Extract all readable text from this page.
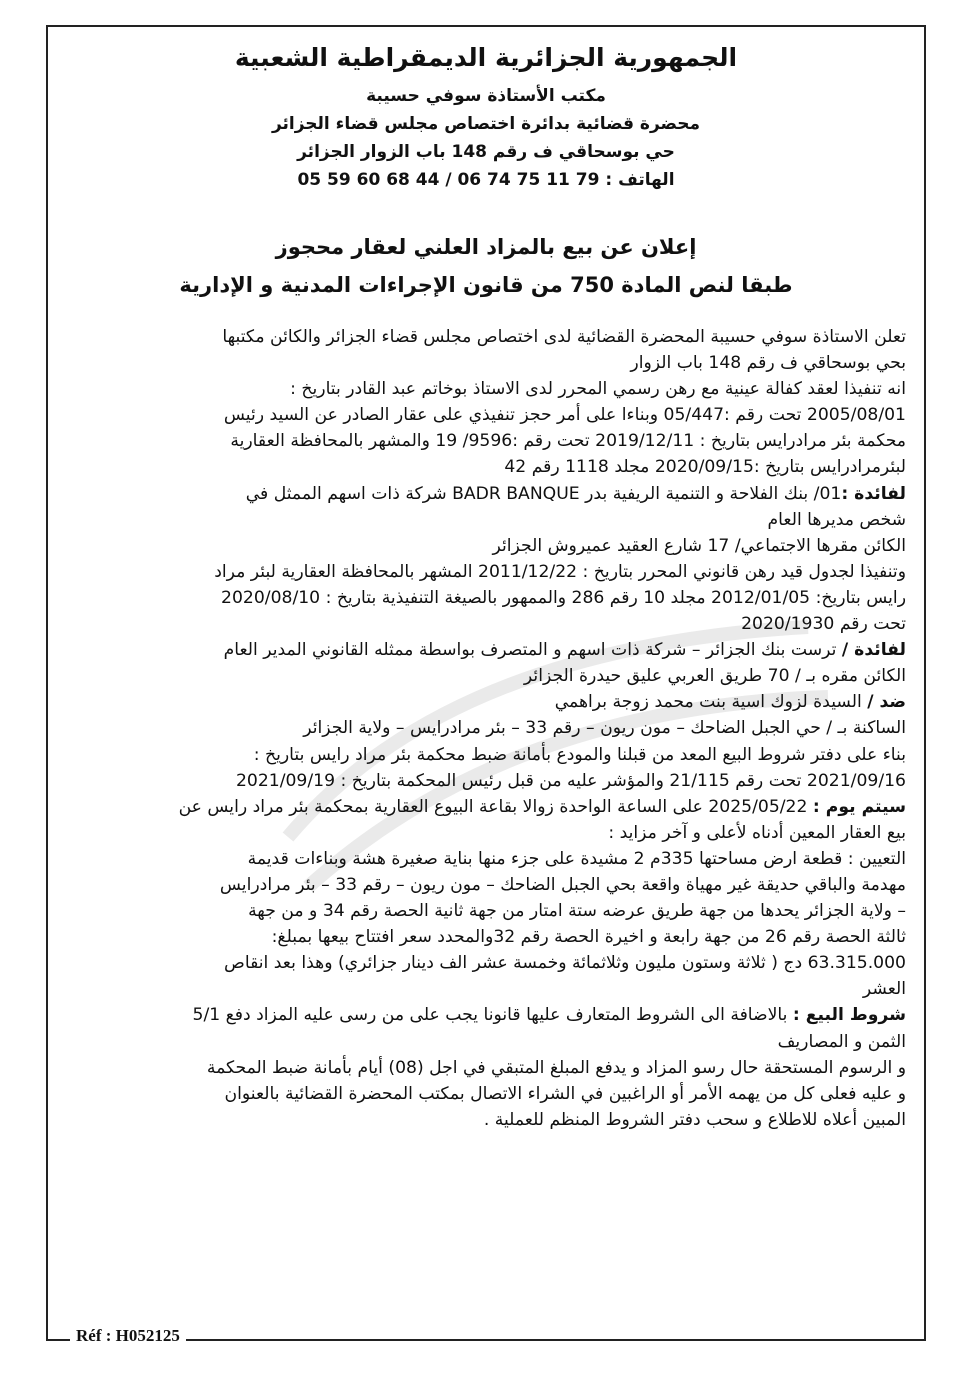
الجمهورية الجزائرية الديمقراطية الشعبية
مكتب الأستاذة سوفي حسيبة
محضرة قضائية بدائرة اختصاص مجلس قضاء الجزائر
حي بوسحاقي ف رقم 148 باب الزوار الجزائر
الهاتف : 05 59 60 68 44 / 06 74 75 11 79
إعلان عن بيع بالمزاد العلني لعقار محجوز
طبقا لنص المادة 750 من قانون الإجراءات المدنية و الإدارية
تعلن الاستاذة سوفي حسيبة المحضرة القضائية لدى اختصاص مجلس قضاء الجزائر والكائن مكتبها
بحي بوسحاقي ف رقم 148 باب الزوار
انه تنفيذا لعقد كفالة عينية مع رهن رسمي المحرر لدى الاستاذ بوخاتم عبد القادر بتاريخ :
2005/08/01 تحت رقم :05/447 وبناءا على أمر حجز تنفيذي على عقار الصادر عن السيد رئيس
محكمة بئر مرادرايس بتاريخ : 2019/12/11 تحت رقم :9596/ 19 والمشهر بالمحافظة العقارية
لبئرمرادرايس بتاريخ :2020/09/15 مجلد 1118 رقم 42
لفائدة :01/ بنك الفلاحة و التنمية الريفية بدر BADR BANQUE شركة ذات اسهم الممثل في
شخص مديرها العام
الكائن مقرها الاجتماعي/ 17 شارع العقيد عميروش الجزائر
وتنفيذا لجدول قيد رهن قانوني المحرر بتاريخ : 2011/12/22 المشهر بالمحافظة العقارية لبئر مراد
رايس بتاريخ: 2012/01/05 مجلد 10 رقم 286 والممهور بالصيغة التنفيذية بتاريخ : 2020/08/10
تحت رقم 2020/1930
لفائدة / ترست بنك الجزائر – شركة ذات اسهم و المتصرف بواسطة ممثله القانوني المدير العام
الكائن مقره بـ / 70 طريق العربي عليق حيدرة الجزائر
ضد / السيدة لزوك اسية بنت محمد زوجة براهمي
الساكنة بـ / حي الجبل الضاحك – مون ريون – رقم 33 – بئر مرادرايس – ولاية الجزائر
بناء على دفتر شروط البيع المعد من قبلنا والمودع بأمانة ضبط محكمة بئر مراد رايس بتاريخ :
2021/09/16 تحت رقم 21/115 والمؤشر عليه من قبل رئيس المحكمة بتاريخ : 2021/09/19
سيتم يوم : 2025/05/22 على الساعة الواحدة زوالا بقاعة البيوع العقارية بمحكمة بئر مراد رايس عن
بيع العقار المعين أدناه لأعلى و آخر مزايد :
التعيين : قطعة ارض مساحتها 335م 2 مشيدة على جزء منها بناية صغيرة هشة وبناءات قديمة
مهدمة والباقي حديقة غير مهياة واقعة بحي الجبل الضاحك – مون ريون – رقم 33 – بئر مرادرايس
– ولاية الجزائر يحدها من جهة طريق عرضه ستة امتار من جهة ثانية الحصة رقم 34 و من جهة
ثالثة الحصة رقم 26 من جهة رابعة و اخيرة الحصة رقم 32والمحدد سعر افتتاح بيعها بمبلغ:
63.315.000 دج ( ثلاثة وستون مليون وثلاثمائة وخمسة عشر الف دينار جزائري) وهذا بعد انقاص
العشر
شروط البيع : بالاضافة الى الشروط المتعارف عليها قانونا يجب على من رسى عليه المزاد دفع 5/1
الثمن و المصاريف
و الرسوم المستحقة حال رسو المزاد و يدفع المبلغ المتبقي في اجل (08) أيام بأمانة ضبط المحكمة
و عليه فعلى كل من يهمه الأمر أو الراغبين في الشراء الاتصال بمكتب المحضرة القضائية بالعنوان
المبين أعلاه للاطلاع و سحب دفتر الشروط المنظم للعملية .
Réf : H052125
